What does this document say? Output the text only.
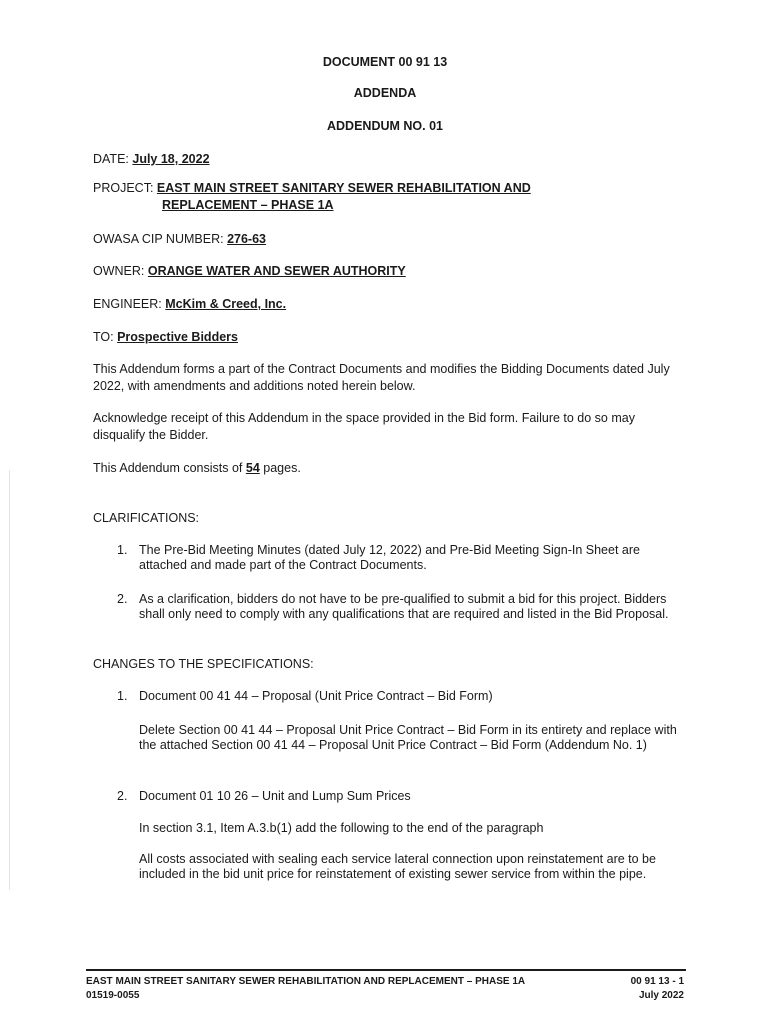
DOCUMENT 00 91 13
ADDENDA
ADDENDUM NO. 01
DATE: July 18, 2022
PROJECT: EAST MAIN STREET SANITARY SEWER REHABILITATION AND
REPLACEMENT – PHASE 1A
OWASA CIP NUMBER: 276-63
OWNER: ORANGE WATER AND SEWER AUTHORITY
ENGINEER: McKim & Creed, Inc.
TO: Prospective Bidders
This Addendum forms a part of the Contract Documents and modifies the Bidding Documents dated July 2022, with amendments and additions noted herein below.
Acknowledge receipt of this Addendum in the space provided in the Bid form. Failure to do so may disqualify the Bidder.
This Addendum consists of 54 pages.
CLARIFICATIONS:
1. The Pre-Bid Meeting Minutes (dated July 12, 2022) and Pre-Bid Meeting Sign-In Sheet are attached and made part of the Contract Documents.
2. As a clarification, bidders do not have to be pre-qualified to submit a bid for this project. Bidders shall only need to comply with any qualifications that are required and listed in the Bid Proposal.
CHANGES TO THE SPECIFICATIONS:
1. Document 00 41 44 – Proposal (Unit Price Contract – Bid Form)
Delete Section 00 41 44 – Proposal Unit Price Contract – Bid Form in its entirety and replace with the attached Section 00 41 44 – Proposal Unit Price Contract – Bid Form (Addendum No. 1)
2. Document 01 10 26 – Unit and Lump Sum Prices
In section 3.1, Item A.3.b(1) add the following to the end of the paragraph
All costs associated with sealing each service lateral connection upon reinstatement are to be included in the bid unit price for reinstatement of existing sewer service from within the pipe.
EAST MAIN STREET SANITARY SEWER REHABILITATION AND REPLACEMENT – PHASE 1A
01519-0055
00 91 13 - 1
July 2022
